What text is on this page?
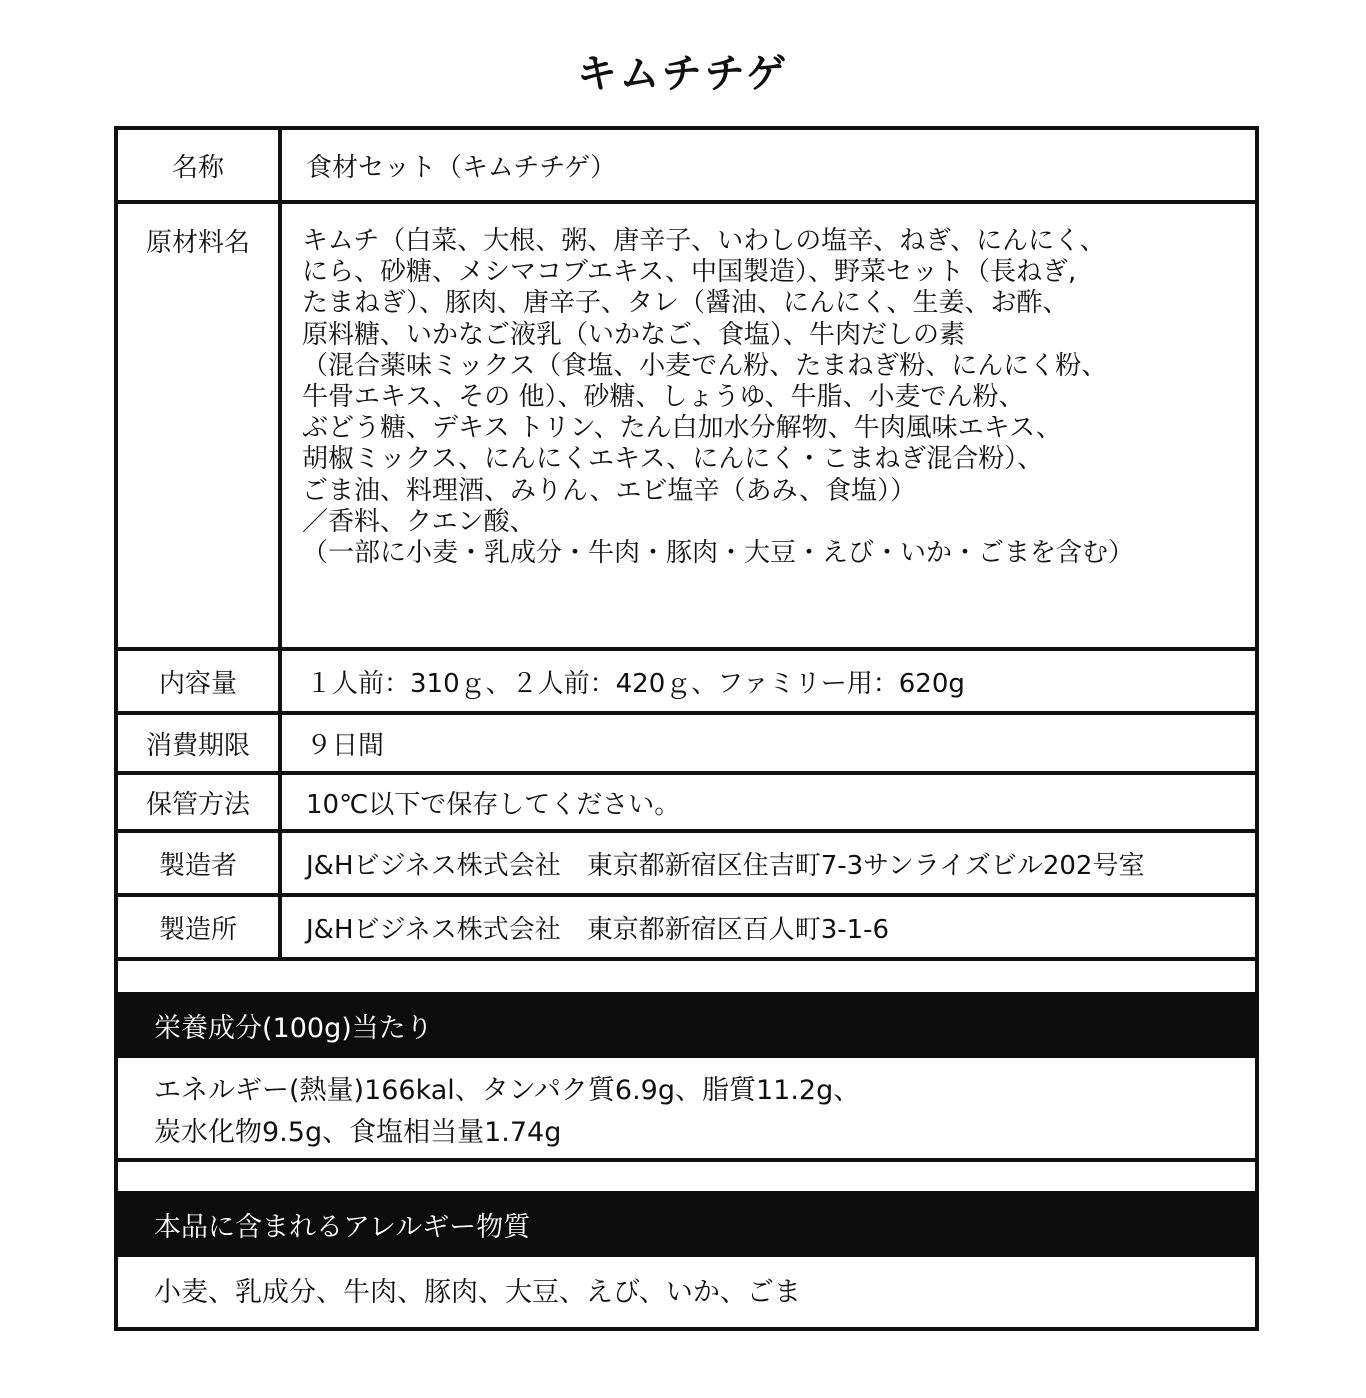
キムチチゲ
名称	食材セット（キムチチゲ）
原材料名	キムチ（白菜、大根、粥、唐辛子、いわしの塩辛、ねぎ、にんにく、
にら、砂糖、メシマコブエキス、中国製造）、野菜セット（長ねぎ,
たまねぎ）、豚肉、唐辛子、タレ（醤油、にんにく、生姜、お酢、
原料糖、いかなご液乳（いかなご、食塩）、牛肉だしの素
（混合薬味ミックス（食塩、小麦でん粉、たまねぎ粉、にんにく粉、
牛骨エキス、その 他）、砂糖、しょうゆ、牛脂、小麦でん粉、
ぶどう糖、デキス トリン、たん白加水分解物、牛肉風味エキス、
胡椒ミックス、にんにくエキス、にんにく・こまねぎ混合粉）、
ごま油、料理酒、みりん、エビ塩辛（あみ、食塩））
／香料、クエン酸、
（一部に小麦・乳成分・牛肉・豚肉・大豆・えび・いか・ごまを含む）
内容量	１人前：310ｇ、２人前：420ｇ、ファミリー用：620g
消費期限	９日間
保管方法	10℃以下で保存してください。
製造者	J&Hビジネス株式会社　東京都新宿区住吉町7-3サンライズビル202号室
製造所	J&Hビジネス株式会社　東京都新宿区百人町3-1-6
栄養成分(100g)当たり
エネルギー(熱量)166kal、タンパク質6.9g、脂質11.2g、
炭水化物9.5g、食塩相当量1.74g
本品に含まれるアレルギー物質
小麦、乳成分、牛肉、豚肉、大豆、えび、いか、ごま
